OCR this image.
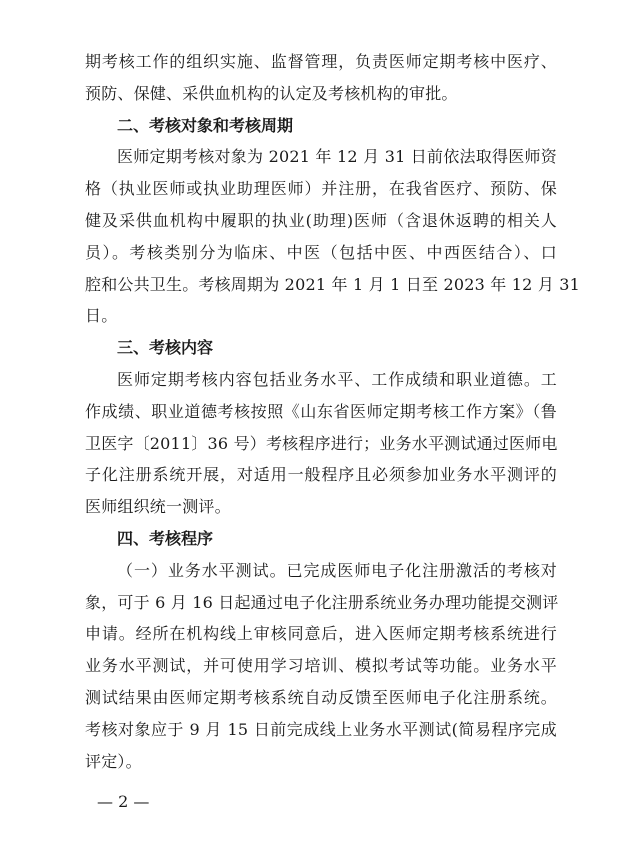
期考核工作的组织实施、监督管理，负责医师定期考核中医疗、
预防、保健、采供血机构的认定及考核机构的审批。
二、考核对象和考核周期
医师定期考核对象为 2021 年 12 月 31 日前依法取得医师资
格（执业医师或执业助理医师）并注册，在我省医疗、预防、保
健及采供血机构中履职的执业(助理)医师（含退休返聘的相关人
员）。考核类别分为临床、中医（包括中医、中西医结合）、口
腔和公共卫生。考核周期为 2021 年 1 月 1 日至 2023 年 12 月 31
日。
三、考核内容
医师定期考核内容包括业务水平、工作成绩和职业道德。工
作成绩、职业道德考核按照《山东省医师定期考核工作方案》（鲁
卫医字〔2011〕36 号）考核程序进行；业务水平测试通过医师电
子化注册系统开展，对适用一般程序且必须参加业务水平测评的
医师组织统一测评。
四、考核程序
（一）业务水平测试。已完成医师电子化注册激活的考核对
象，可于 6 月 16 日起通过电子化注册系统业务办理功能提交测评
申请。经所在机构线上审核同意后，进入医师定期考核系统进行
业务水平测试，并可使用学习培训、模拟考试等功能。业务水平
测试结果由医师定期考核系统自动反馈至医师电子化注册系统。
考核对象应于 9 月 15 日前完成线上业务水平测试(简易程序完成
评定）。
— 2 —
